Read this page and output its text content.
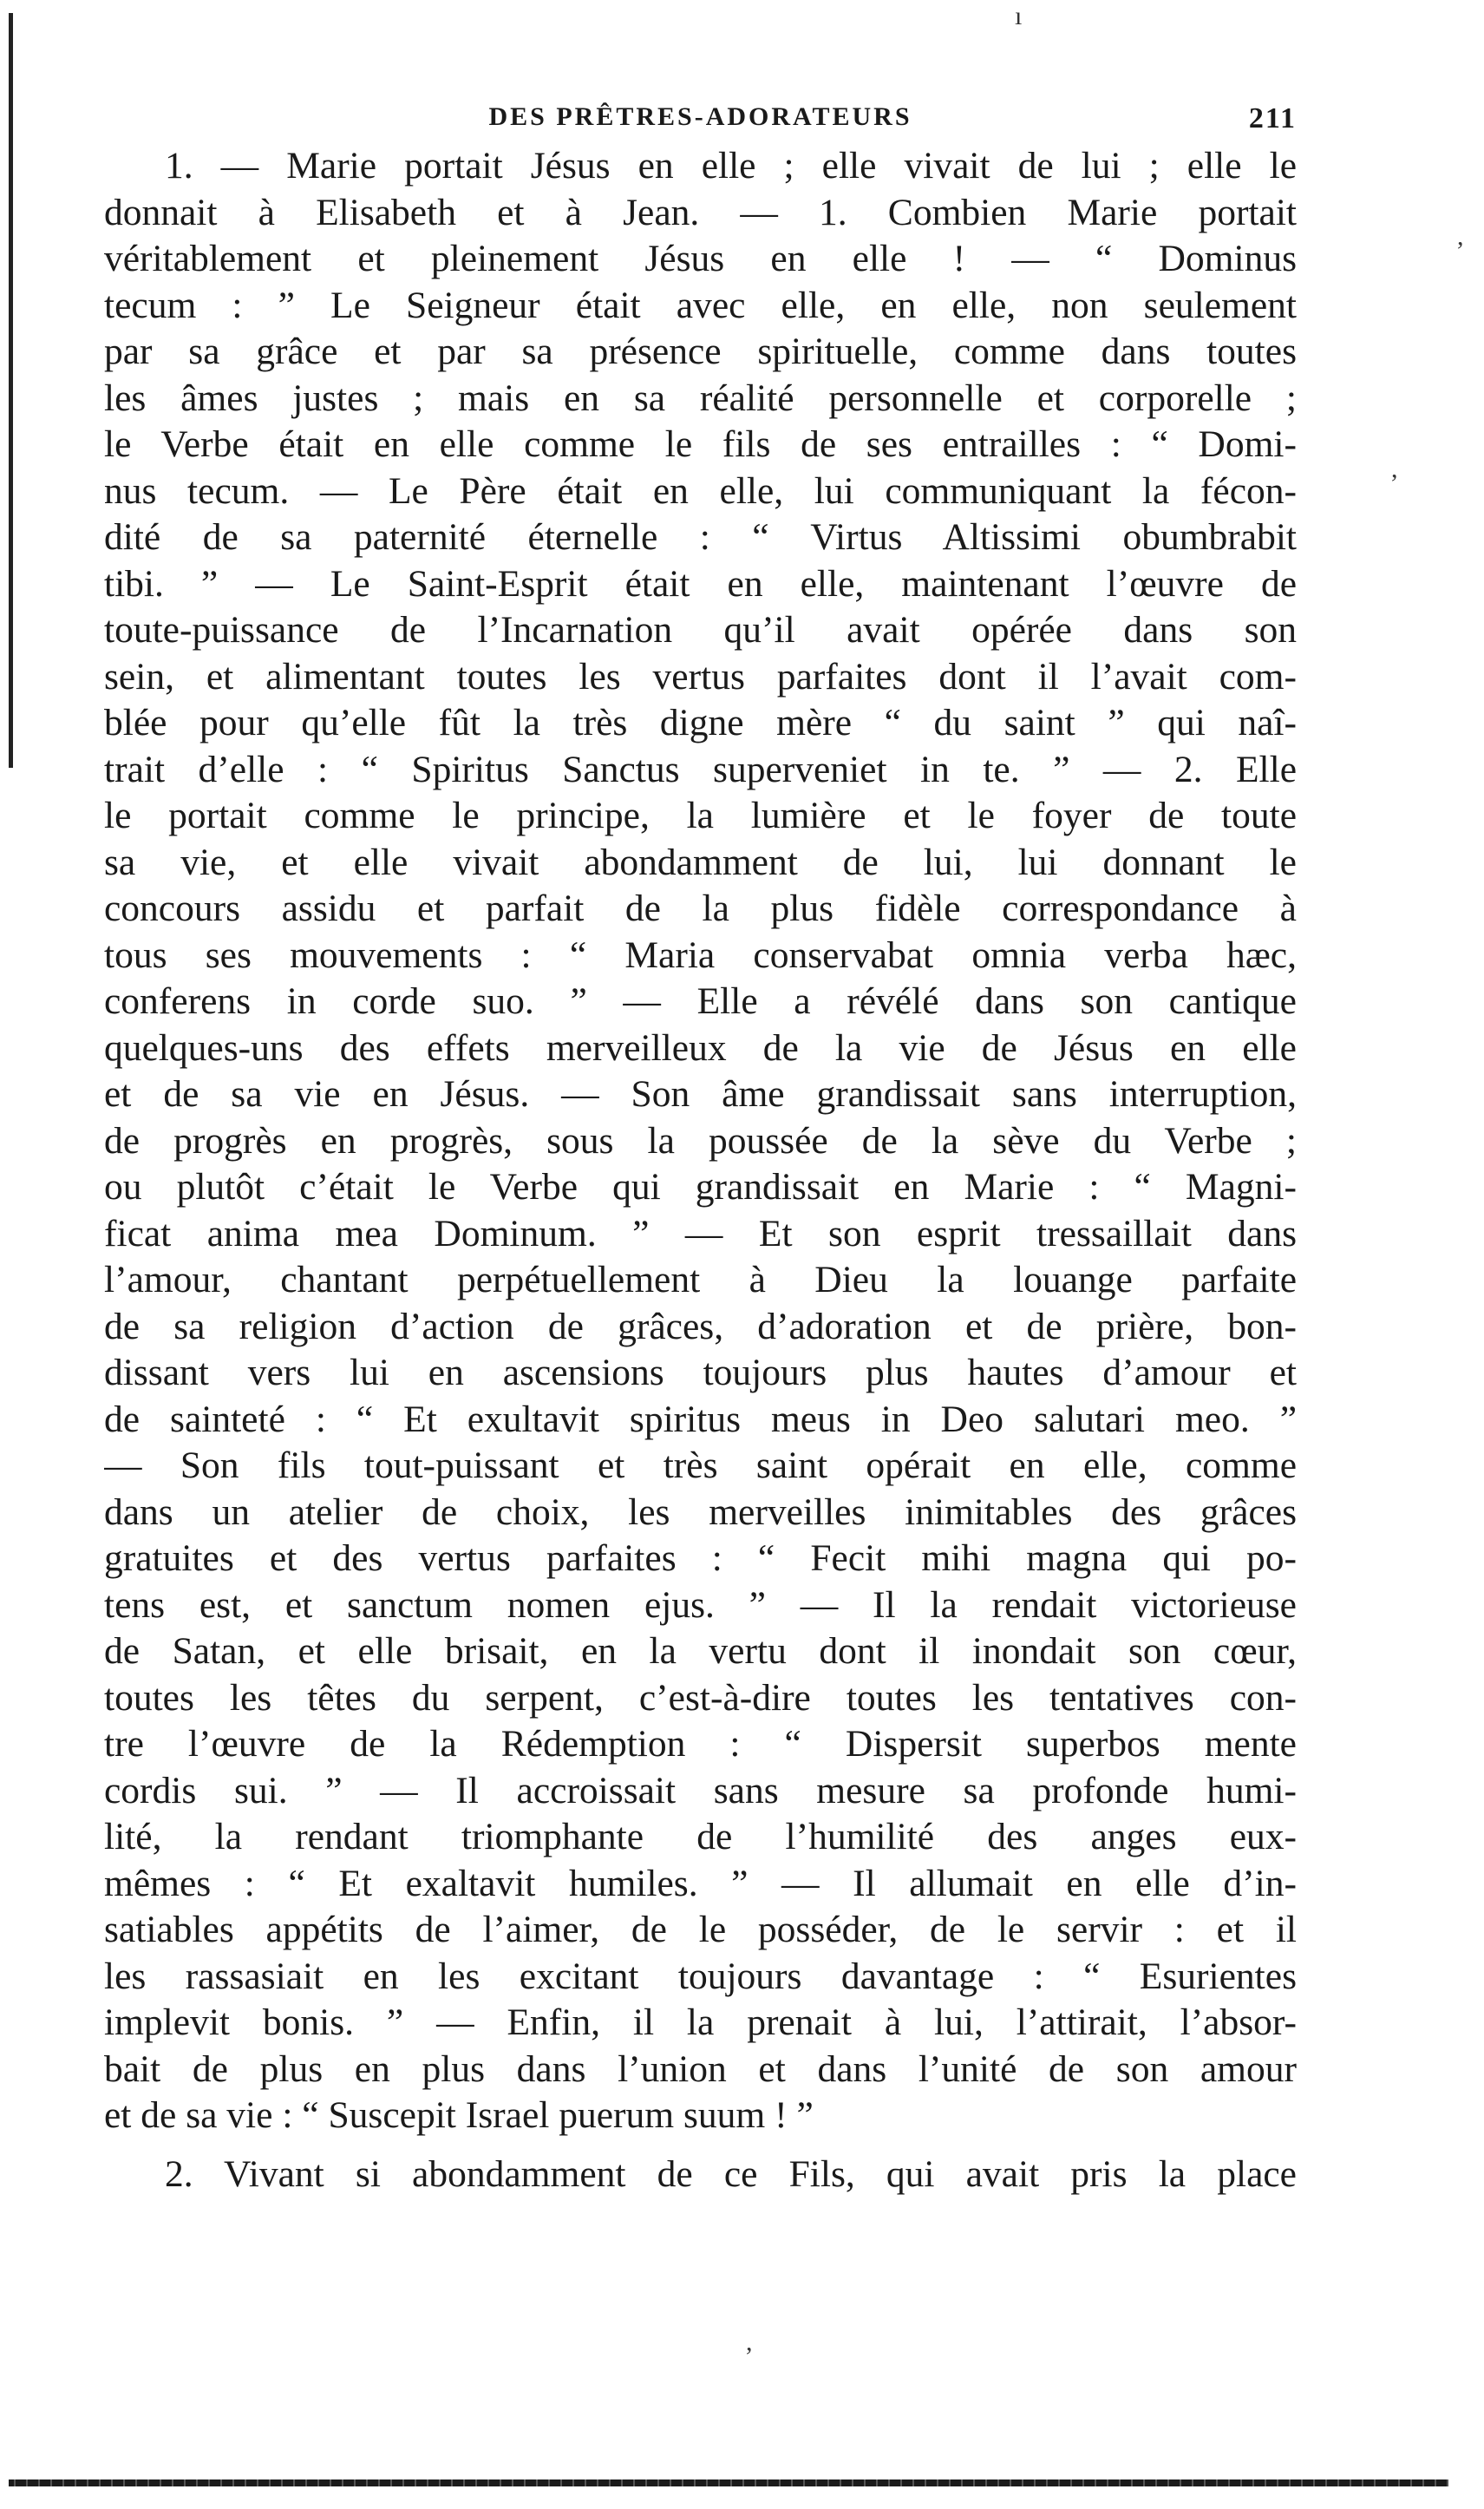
ı
,
,
,
DES PRÊTRES-ADORATEURS	211
1. — Marie portait Jésus en elle ; elle vivait de lui ; elle le
donnait à Elisabeth et à Jean. — 1. Combien Marie portait
véritablement et pleinement Jésus en elle ! — “ Dominus
tecum : ” Le Seigneur était avec elle, en elle, non seulement
par sa grâce et par sa présence spirituelle, comme dans toutes
les âmes justes ; mais en sa réalité personnelle et corporelle ;
le Verbe était en elle comme le fils de ses entrailles : “ Domi-
nus tecum. — Le Père était en elle, lui communiquant la fécon-
dité de sa paternité éternelle : “ Virtus Altissimi obumbrabit
tibi. ” — Le Saint-Esprit était en elle, maintenant l’œuvre de
toute-puissance de l’Incarnation qu’il avait opérée dans son
sein, et alimentant toutes les vertus parfaites dont il l’avait com-
blée pour qu’elle fût la très digne mère “ du saint ” qui naî-
trait d’elle : “ Spiritus Sanctus superveniet in te. ” — 2. Elle
le portait comme le principe, la lumière et le foyer de toute
sa vie, et elle vivait abondamment de lui, lui donnant le
concours assidu et parfait de la plus fidèle correspondance à
tous ses mouvements : “ Maria conservabat omnia verba hæc,
conferens in corde suo. ” — Elle a révélé dans son cantique
quelques-uns des effets merveilleux de la vie de Jésus en elle
et de sa vie en Jésus. — Son âme grandissait sans interruption,
de progrès en progrès, sous la poussée de la sève du Verbe ;
ou plutôt c’était le Verbe qui grandissait en Marie : “ Magni-
ficat anima mea Dominum. ” — Et son esprit tressaillait dans
l’amour, chantant perpétuellement à Dieu la louange parfaite
de sa religion d’action de grâces, d’adoration et de prière, bon-
dissant vers lui en ascensions toujours plus hautes d’amour et
de sainteté : “ Et exultavit spiritus meus in Deo salutari meo. ”
— Son fils tout-puissant et très saint opérait en elle, comme
dans un atelier de choix, les merveilles inimitables des grâces
gratuites et des vertus parfaites : “ Fecit mihi magna qui po-
tens est, et sanctum nomen ejus. ” — Il la rendait victorieuse
de Satan, et elle brisait, en la vertu dont il inondait son cœur,
toutes les têtes du serpent, c’est-à-dire toutes les tentatives con-
tre l’œuvre de la Rédemption : “ Dispersit superbos mente
cordis sui. ” — Il accroissait sans mesure sa profonde humi-
lité, la rendant triomphante de l’humilité des anges eux-
mêmes : “ Et exaltavit humiles. ” — Il allumait en elle d’in-
satiables appétits de l’aimer, de le posséder, de le servir : et il
les rassasiait en les excitant toujours davantage : “ Esurientes
implevit bonis. ” — Enfin, il la prenait à lui, l’attirait, l’absor-
bait de plus en plus dans l’union et dans l’unité de son amour
et de sa vie : “ Suscepit Israel puerum suum ! ”
2. Vivant si abondamment de ce Fils, qui avait pris la place
